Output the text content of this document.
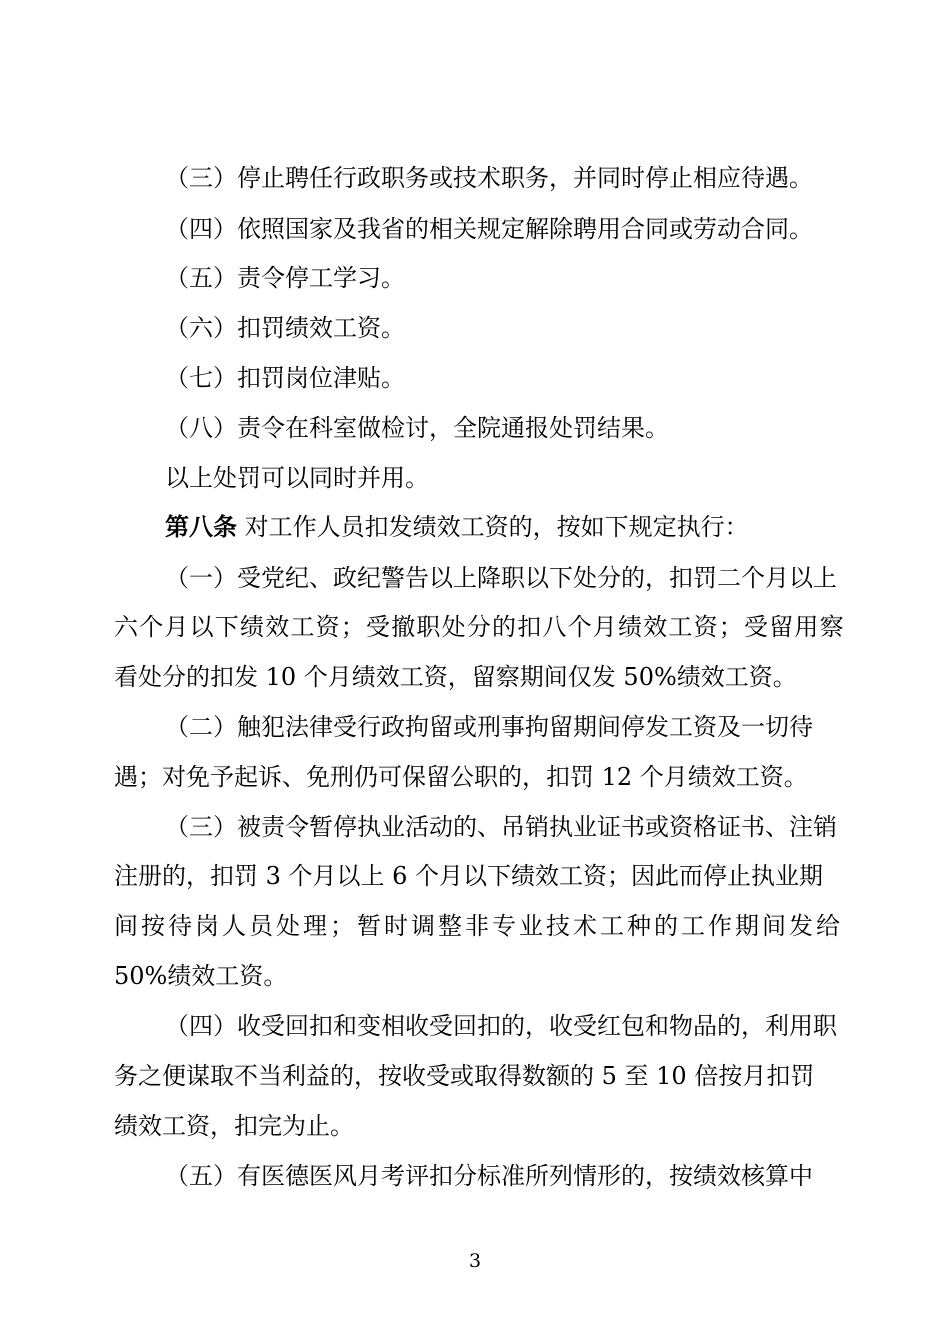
（三）停止聘任行政职务或技术职务，并同时停止相应待遇。
（四）依照国家及我省的相关规定解除聘用合同或劳动合同。
（五）责令停工学习。
（六）扣罚绩效工资。
（七）扣罚岗位津贴。
（八）责令在科室做检讨，全院通报处罚结果。
以上处罚可以同时并用。
第八条 对工作人员扣发绩效工资的，按如下规定执行：
（一）受党纪、政纪警告以上降职以下处分的，扣罚二个月以上
六个月以下绩效工资；受撤职处分的扣八个月绩效工资；受留用察
看处分的扣发 10 个月绩效工资，留察期间仅发 50%绩效工资。
（二）触犯法律受行政拘留或刑事拘留期间停发工资及一切待
遇；对免予起诉、免刑仍可保留公职的，扣罚 12 个月绩效工资。
（三）被责令暂停执业活动的、吊销执业证书或资格证书、注销
注册的，扣罚 3 个月以上 6 个月以下绩效工资；因此而停止执业期
间按待岗人员处理；暂时调整非专业技术工种的工作期间发给
50%绩效工资。
（四）收受回扣和变相收受回扣的，收受红包和物品的，利用职
务之便谋取不当利益的，按收受或取得数额的 5 至 10 倍按月扣罚
绩效工资，扣完为止。
（五）有医德医风月考评扣分标准所列情形的，按绩效核算中
3
